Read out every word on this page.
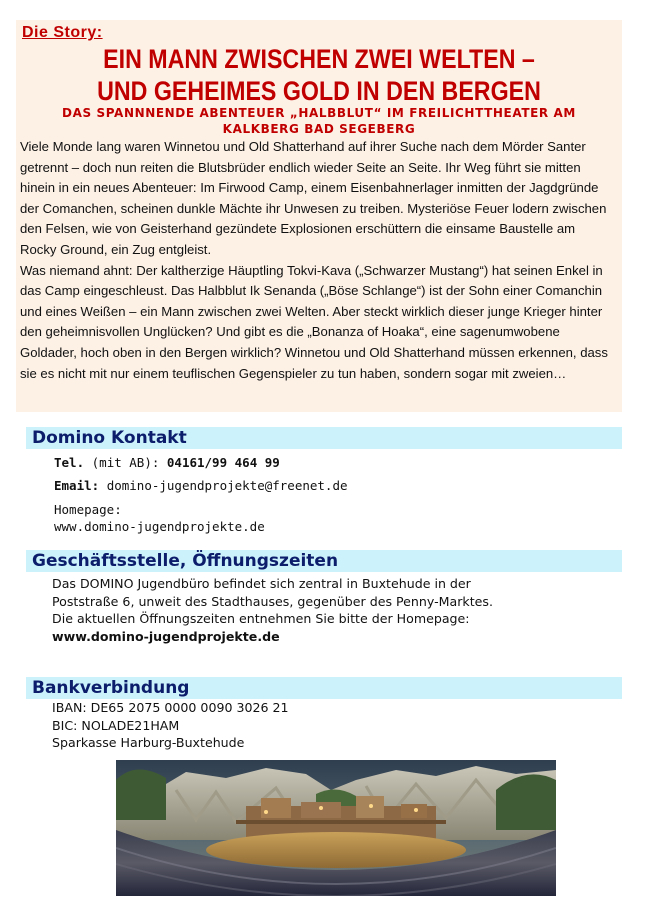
Die Story:
EIN MANN ZWISCHEN ZWEI WELTEN –
UND GEHEIMES GOLD IN DEN BERGEN
DAS SPANNNENDE ABENTEUER „HALBBLUT“ IM FREILICHTTHEATER AM
KALKBERG BAD SEGEBERG

Viele Monde lang waren Winnetou und Old Shatterhand auf ihrer Suche nach dem Mörder Santer getrennt – doch nun reiten die Blutsbrüder endlich wieder Seite an Seite. Ihr Weg führt sie mitten hinein in ein neues Abenteuer: Im Firwood Camp, einem Eisenbahnerlager inmitten der Jagdgründe der Comanchen, scheinen dunkle Mächte ihr Unwesen zu treiben. Mysteriöse Feuer lodern zwischen den Felsen, wie von Geisterhand gezündete Explosionen erschüttern die einsame Baustelle am Rocky Ground, ein Zug entgleist.

Was niemand ahnt: Der kaltherzige Häuptling Tokvi-Kava („Schwarzer Mustang“) hat seinen Enkel in das Camp eingeschleust. Das Halbblut Ik Senanda („Böse Schlange“) ist der Sohn einer Comanchin und eines Weißen – ein Mann zwischen zwei Welten. Aber steckt wirklich dieser junge Krieger hinter den geheimnisvollen Unglücken? Und gibt es die „Bonanza of Hoaka“, eine sagenumwobene Goldader, hoch oben in den Bergen wirklich? Winnetou und Old Shatterhand müssen erkennen, dass sie es nicht mit nur einem teuflischen Gegenspieler zu tun haben, sondern sogar mit zweien…

Domino Kontakt
Tel. (mit AB): 04161/99 464 99
Email: domino-jugendprojekte@freenet.de
Homepage:
www.domino-jugendprojekte.de
Geschäftsstelle, Öffnungszeiten
Das DOMINO Jugendbüro befindet sich zentral in Buxtehude in der
Poststraße 6, unweit des Stadthauses, gegenüber des Penny-Marktes.
Die aktuellen Öffnungszeiten entnehmen Sie bitte der Homepage:
www.domino-jugendprojekte.de
Bankverbindung
IBAN: DE65 2075 0000 0090 3026 21
BIC: NOLADE21HAM
Sparkasse Harburg-Buxtehude
